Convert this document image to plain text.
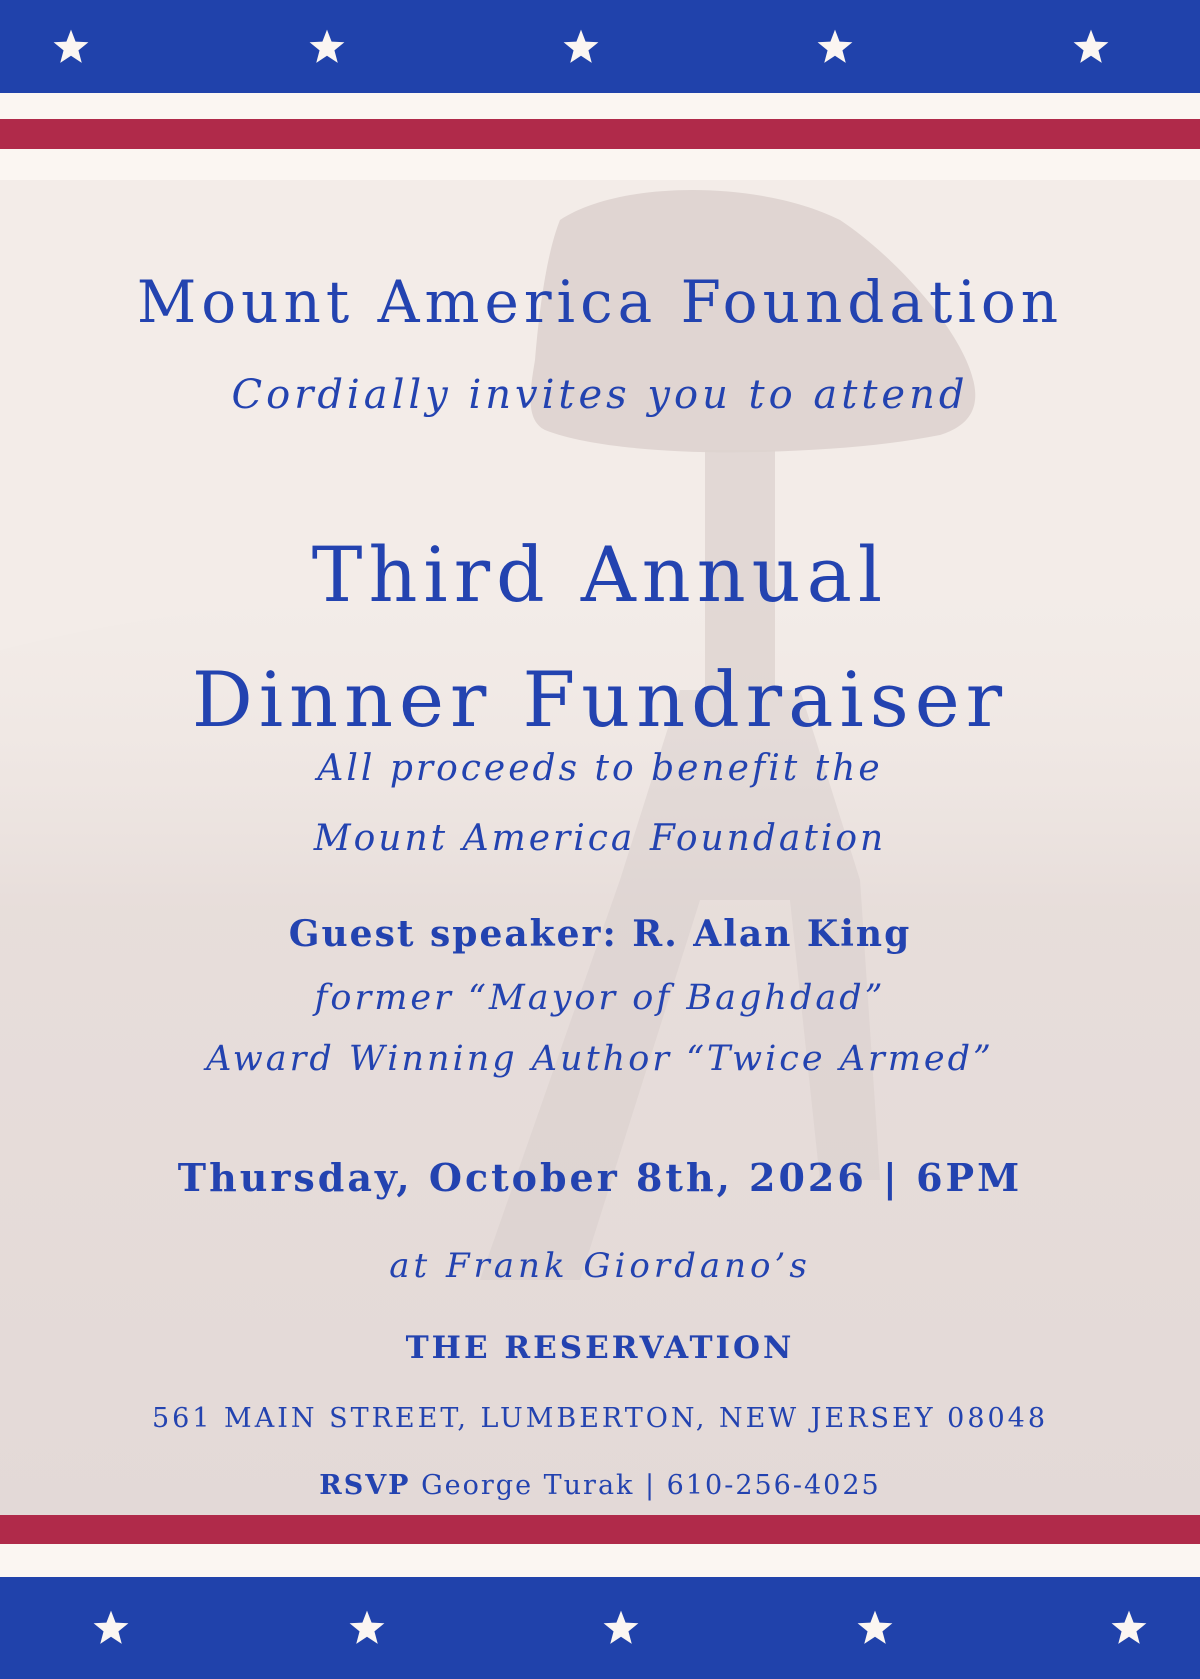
Mount America Foundation
Cordially invites you to attend
Third Annual
Dinner Fundraiser
All proceeds to benefit the
Mount America Foundation
Guest speaker: R. Alan King
former “Mayor of Baghdad”
Award Winning Author “Twice Armed”
Thursday, October 8th, 2026 | 6PM
at Frank Giordano’s
THE RESERVATION
561 MAIN STREET, LUMBERTON, NEW JERSEY 08048
RSVP George Turak | 610-256-4025
